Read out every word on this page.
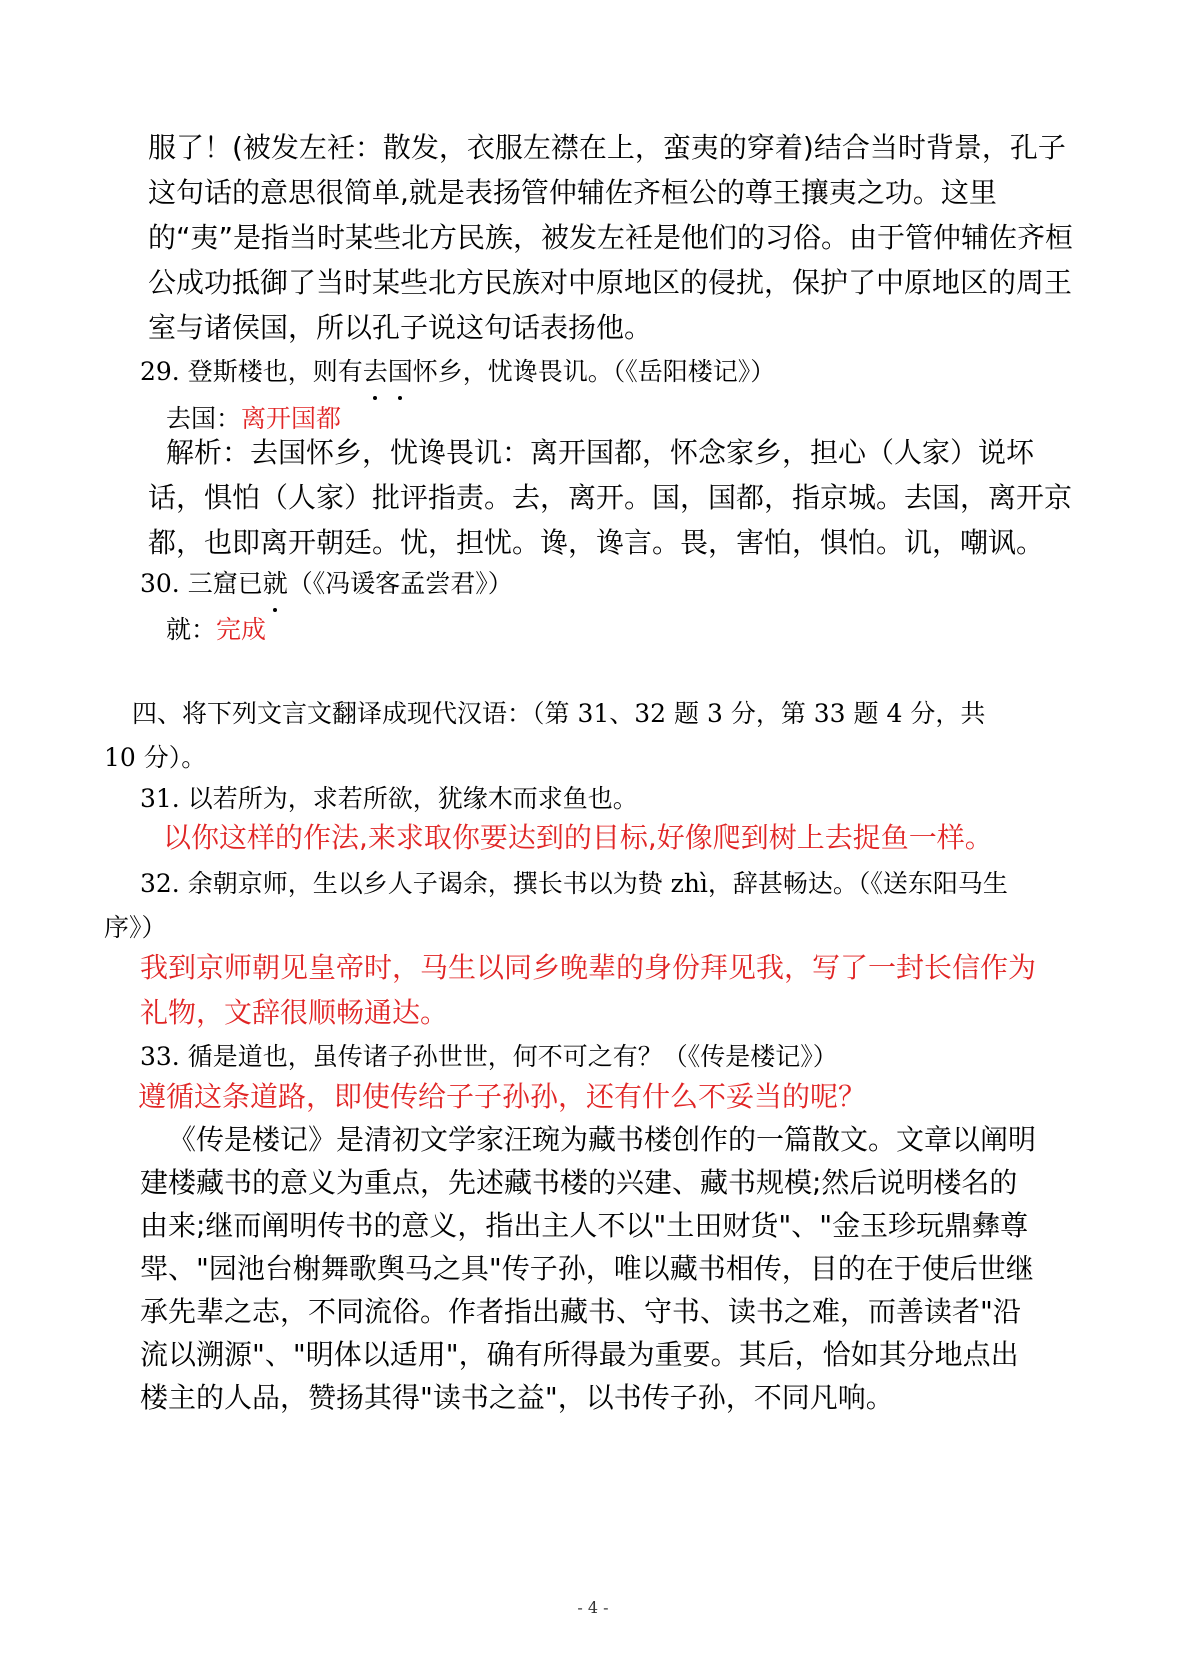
服了！(被发左衽：散发，衣服左襟在上，蛮夷的穿着)结合当时背景，孔子这句话的意思很简单,就是表扬管仲辅佐齐桓公的尊王攘夷之功。这里的“夷”是指当时某些北方民族，被发左衽是他们的习俗。由于管仲辅佐齐桓公成功抵御了当时某些北方民族对中原地区的侵扰，保护了中原地区的周王室与诸侯国，所以孔子说这句话表扬他。

29. 登斯楼也，则有去国怀乡，忧谗畏讥。（《岳阳楼记》）
去国：离开国都

解析：去国怀乡，忧谗畏讥：离开国都，怀念家乡，担心（人家）说坏话，惧怕（人家）批评指责。去，离开。国，国都，指京城。去国，离开京都，也即离开朝廷。忧，担忧。谗，谗言。畏，害怕，惧怕。讥，嘲讽。

30. 三窟已就（《冯谖客孟尝君》）
就：完成

四、将下列文言文翻译成现代汉语：（第 31、32 题 3 分，第 33 题 4 分，共 10 分）。

31. 以若所为，求若所欲，犹缘木而求鱼也。
以你这样的作法,来求取你要达到的目标,好像爬到树上去捉鱼一样。

32. 余朝京师，生以乡人子谒余，撰长书以为贽 zhì，辞甚畅达。（《送东阳马生序》）

我到京师朝见皇帝时，马生以同乡晚辈的身份拜见我，写了一封长信作为礼物，文辞很顺畅通达。

33. 循是道也，虽传诸子孙世世，何不可之有？（《传是楼记》）
遵循这条道路，即使传给子子孙孙，还有什么不妥当的呢？

《传是楼记》是清初文学家汪琬为藏书楼创作的一篇散文。文章以阐明建楼藏书的意义为重点，先述藏书楼的兴建、藏书规模;然后说明楼名的由来;继而阐明传书的意义，指出主人不以"土田财货"、"金玉珍玩鼎彝尊斝、"园池台榭舞歌舆马之具"传子孙，唯以藏书相传，目的在于使后世继承先辈之志，不同流俗。作者指出藏书、守书、读书之难，而善读者"沿流以溯源"、"明体以适用"，确有所得最为重要。其后，恰如其分地点出楼主的人品，赞扬其得"读书之益"，以书传子孙，不同凡响。

- 4 -
